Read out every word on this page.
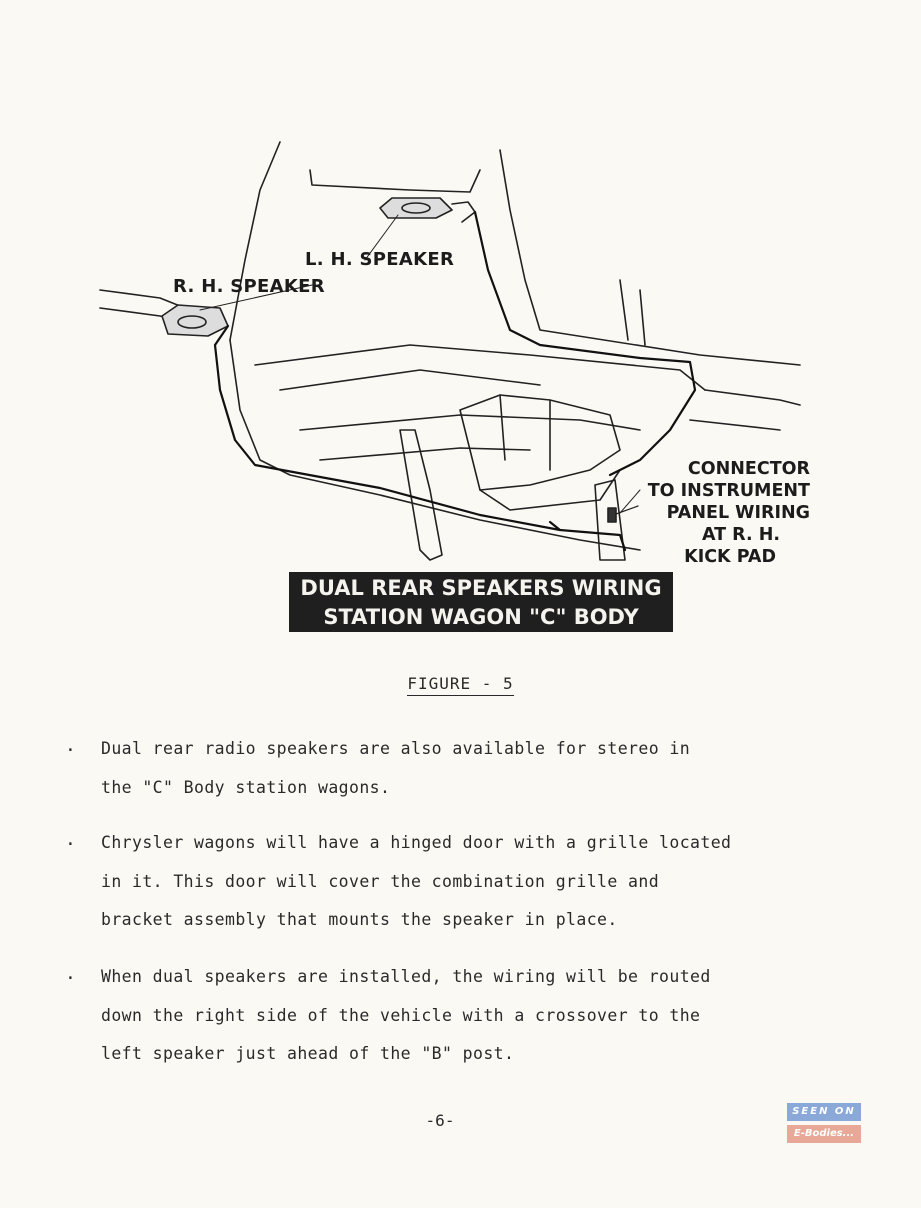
L. H. SPEAKER
R. H. SPEAKER
CONNECTOR
TO INSTRUMENT
PANEL WIRING
AT R. H.
KICK PAD
DUAL REAR SPEAKERS WIRING
STATION WAGON "C" BODY
FIGURE - 5
. Dual rear radio speakers are also available for stereo in
the "C" Body station wagons.
. Chrysler wagons will have a hinged door with a grille located
in it. This door will cover the combination grille and
bracket assembly that mounts the speaker in place.
. When dual speakers are installed, the wiring will be routed
down the right side of the vehicle with a crossover to the
left speaker just ahead of the "B" post.
-6-	SEEN ON
E-Bodies...
